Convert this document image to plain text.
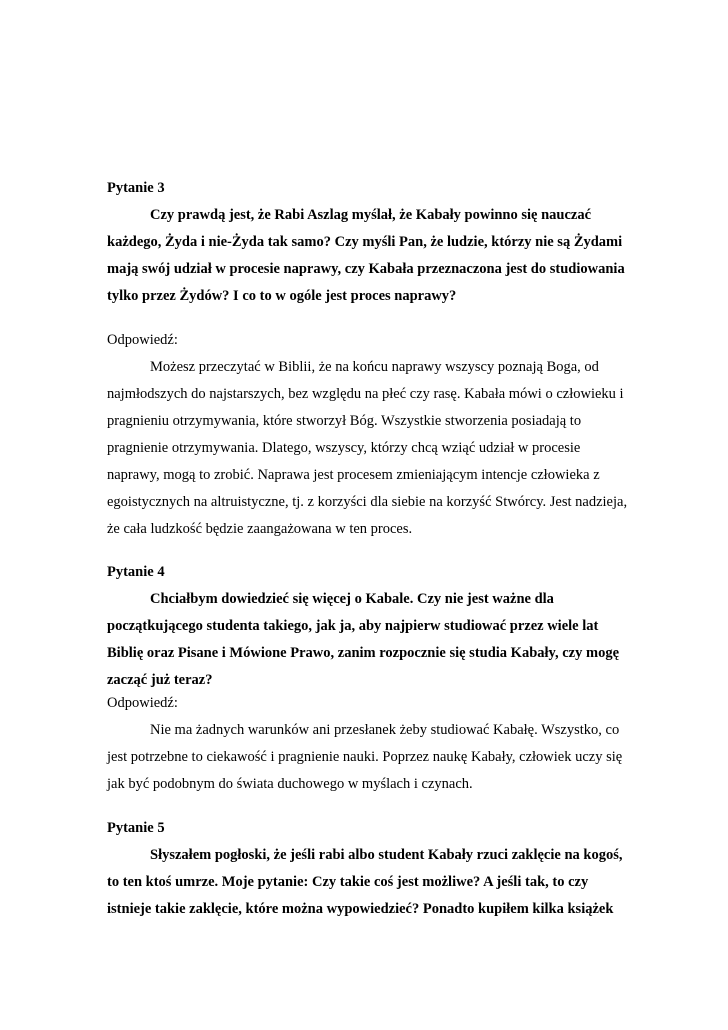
Pytanie 3
Czy prawdą jest, że Rabi Aszlag myślał, że Kabały powinno się nauczać
każdego, Żyda i nie-Żyda tak samo? Czy myśli Pan, że ludzie, którzy nie są Żydami
mają swój udział w procesie naprawy, czy Kabała przeznaczona jest do studiowania
tylko przez Żydów? I co to w ogóle jest proces naprawy?
Odpowiedź:
Możesz przeczytać w Biblii, że na końcu naprawy wszyscy poznają Boga, od
najmłodszych do najstarszych, bez względu na płeć czy rasę. Kabała mówi o człowieku i
pragnieniu otrzymywania, które stworzył Bóg. Wszystkie stworzenia posiadają to
pragnienie otrzymywania. Dlatego, wszyscy, którzy chcą wziąć udział w procesie
naprawy, mogą to zrobić. Naprawa jest procesem zmieniającym intencje człowieka z
egoistycznych na altruistyczne, tj. z korzyści dla siebie na korzyść Stwórcy. Jest nadzieja,
że cała ludzkość będzie zaangażowana w ten proces.
Pytanie 4
Chciałbym dowiedzieć się więcej o Kabale. Czy nie jest ważne dla
początkującego studenta takiego, jak ja, aby najpierw studiować przez wiele lat
Biblię oraz Pisane i Mówione Prawo, zanim rozpocznie się studia Kabały, czy mogę
zacząć już teraz?
Odpowiedź:
Nie ma żadnych warunków ani przesłanek żeby studiować Kabałę. Wszystko, co
jest potrzebne to ciekawość i pragnienie nauki. Poprzez naukę Kabały, człowiek uczy się
jak być podobnym do świata duchowego w myślach i czynach.
Pytanie 5
Słyszałem pogłoski, że jeśli rabi albo student Kabały rzuci zaklęcie na kogoś,
to ten ktoś umrze. Moje pytanie: Czy takie coś jest możliwe? A jeśli tak, to czy
istnieje takie zaklęcie, które można wypowiedzieć? Ponadto kupiłem kilka książek
